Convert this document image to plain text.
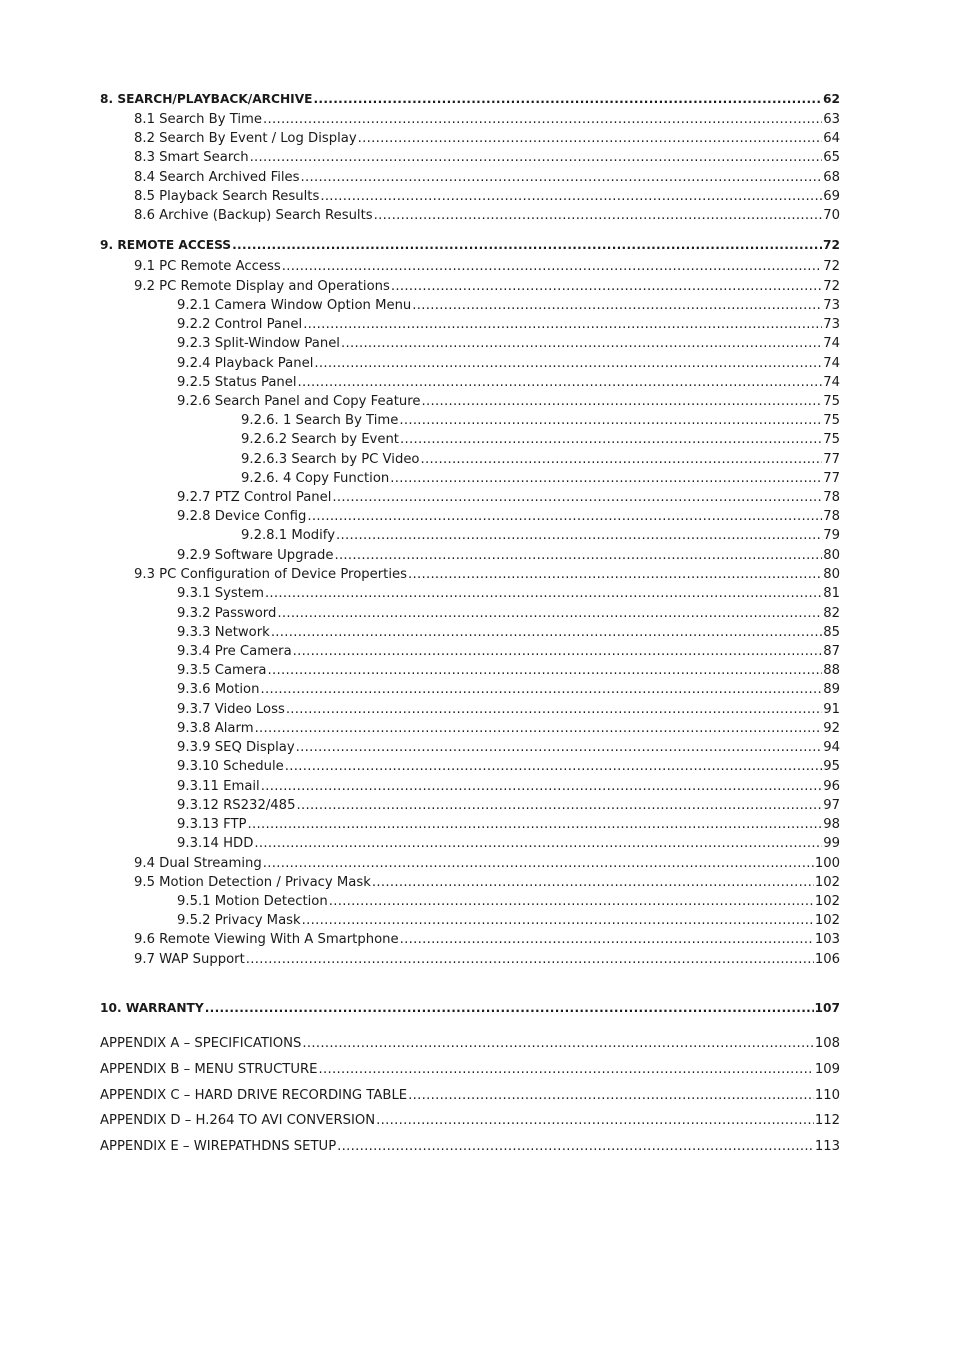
8. SEARCH/PLAYBACK/ARCHIVE .....	62
8.1 Search By Time .....	63
8.2 Search By Event / Log Display .....	64
8.3 Smart Search .....	65
8.4 Search Archived Files .....	68
8.5 Playback Search Results .....	69
8.6 Archive (Backup) Search Results .....	70
9. REMOTE ACCESS .....	72
9.1 PC Remote Access .....	72
9.2 PC Remote Display and Operations .....	72
9.2.1 Camera Window Option Menu .....	73
9.2.2 Control Panel .....	73
9.2.3 Split-Window Panel .....	74
9.2.4 Playback Panel .....	74
9.2.5 Status Panel .....	74
9.2.6 Search Panel and Copy Feature .....	75
9.2.6. 1 Search By Time .....	75
9.2.6.2 Search by Event .....	75
9.2.6.3 Search by PC Video .....	77
9.2.6. 4 Copy Function .....	77
9.2.7 PTZ Control Panel .....	78
9.2.8 Device Config .....	78
9.2.8.1 Modify .....	79
9.2.9 Software Upgrade .....	80
9.3 PC Configuration of Device Properties .....	80
9.3.1 System .....	81
9.3.2 Password .....	82
9.3.3 Network .....	85
9.3.4 Pre Camera .....	87
9.3.5 Camera .....	88
9.3.6 Motion .....	89
9.3.7 Video Loss .....	91
9.3.8 Alarm .....	92
9.3.9 SEQ Display .....	94
9.3.10 Schedule .....	95
9.3.11 Email .....	96
9.3.12 RS232/485 .....	97
9.3.13 FTP .....	98
9.3.14 HDD .....	99
9.4 Dual Streaming .....	100
9.5 Motion Detection / Privacy Mask .....	102
9.5.1 Motion Detection .....	102
9.5.2 Privacy Mask .....	102
9.6 Remote Viewing With A Smartphone .....	103
9.7 WAP Support .....	106
10. WARRANTY .....	107
APPENDIX A – SPECIFICATIONS .....	108
APPENDIX B – MENU STRUCTURE .....	109
APPENDIX C – HARD DRIVE RECORDING TABLE .....	110
APPENDIX D – H.264 TO AVI CONVERSION .....	112
APPENDIX E – WIREPATHDNS SETUP .....	113
